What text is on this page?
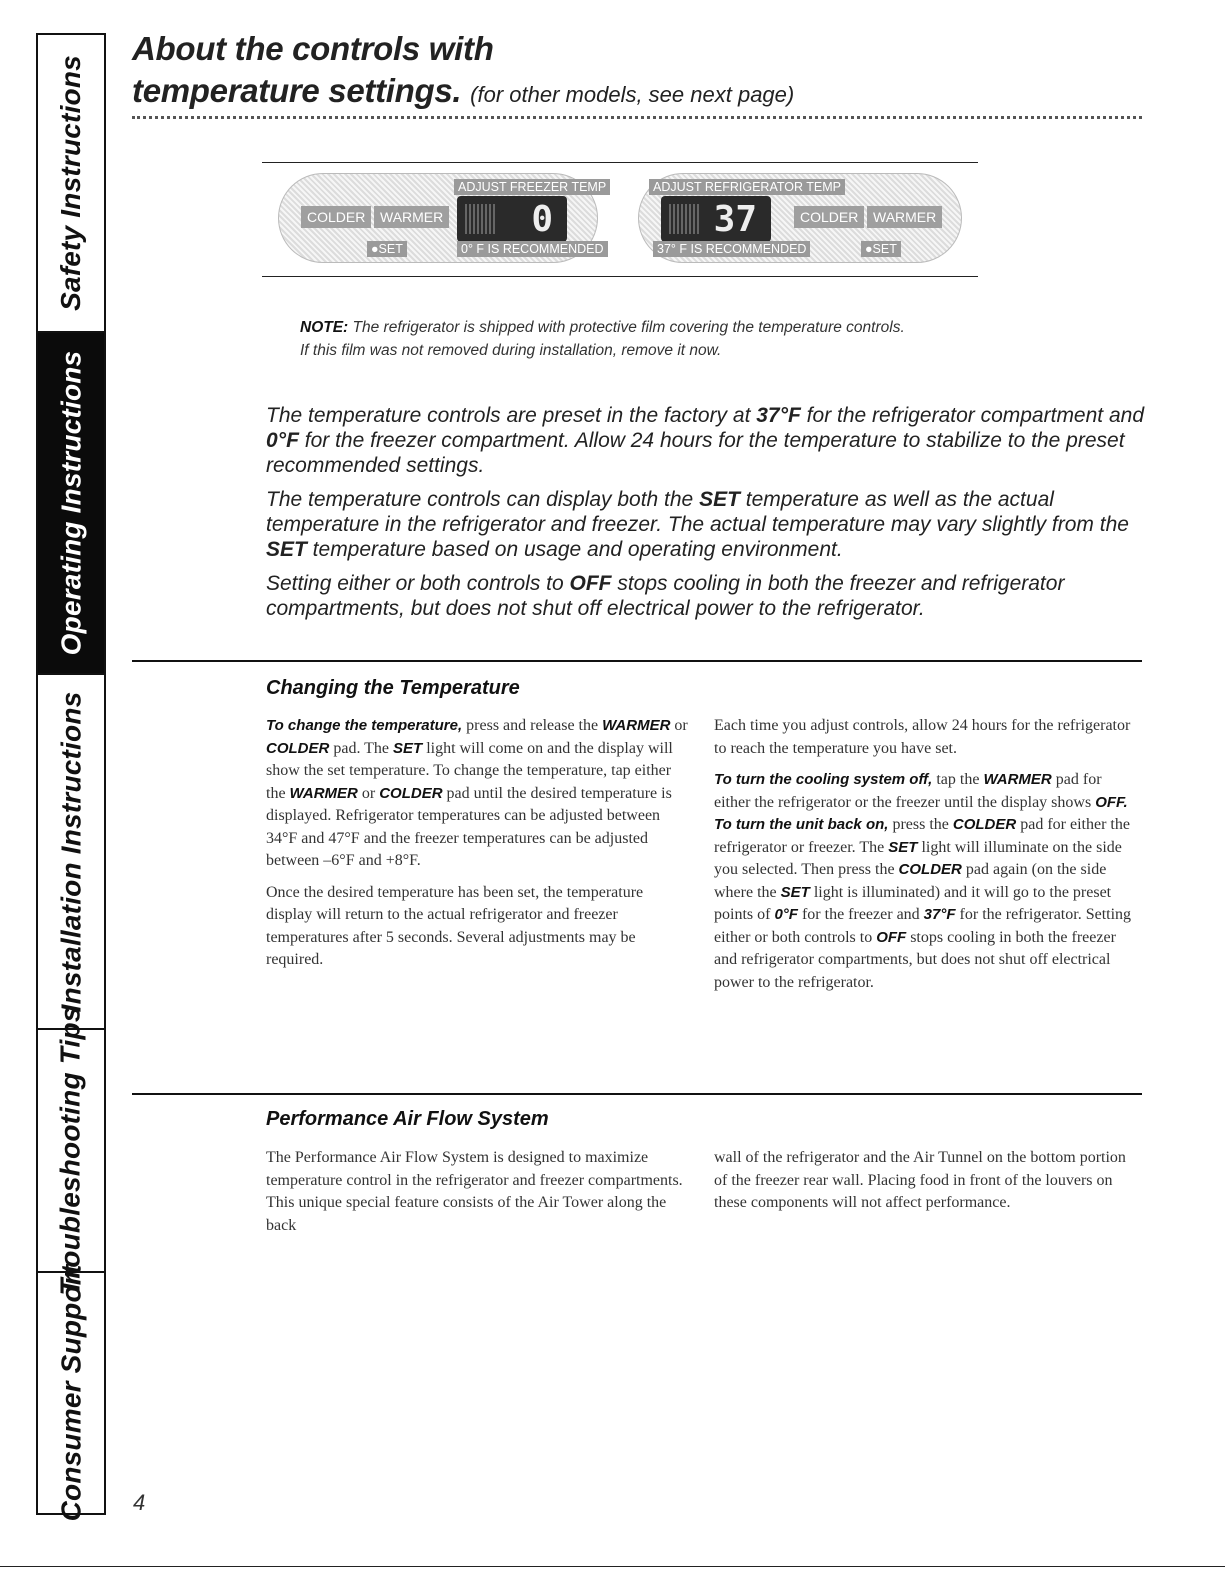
Safety Instructions
Operating Instructions
Installation Instructions
Troubleshooting Tips
Consumer Support
About the controls with
temperature settings. (for other models, see next page)
ADJUST FREEZER TEMP
COLDER	WARMER 0
●SET	0° F IS RECOMMENDED
ADJUST REFRIGERATOR TEMP
37	COLDER	WARMER
37° F IS RECOMMENDED	●SET
NOTE: The refrigerator is shipped with protective film covering the temperature controls.
If this film was not removed during installation, remove it now.

The temperature controls are preset in the factory at 37°F for the refrigerator compartment and 0°F for the freezer compartment. Allow 24 hours for the temperature to stabilize to the preset recommended settings.

The temperature controls can display both the SET temperature as well as the actual temperature in the refrigerator and freezer. The actual temperature may vary slightly from the SET temperature based on usage and operating environment.

Setting either or both controls to OFF stops cooling in both the freezer and refrigerator compartments, but does not shut off electrical power to the refrigerator.

Changing the Temperature

To change the temperature, press and release the WARMER or COLDER pad. The SET light will come on and the display will show the set temperature. To change the temperature, tap either the WARMER or COLDER pad until the desired temperature is displayed. Refrigerator temperatures can be adjusted between 34°F and 47°F and the freezer temperatures can be adjusted between –6°F and +8°F.

Once the desired temperature has been set, the temperature display will return to the actual refrigerator and freezer temperatures after 5 seconds. Several adjustments may be required.

Each time you adjust controls, allow 24 hours for the refrigerator to reach the temperature you have set.

To turn the cooling system off, tap the WARMER pad for either the refrigerator or the freezer until the display shows OFF. To turn the unit back on, press the COLDER pad for either the refrigerator or freezer. The SET light will illuminate on the side you selected. Then press the COLDER pad again (on the side where the SET light is illuminated) and it will go to the preset points of 0°F for the freezer and 37°F for the refrigerator. Setting either or both controls to OFF stops cooling in both the freezer and refrigerator compartments, but does not shut off electrical power to the refrigerator.

Performance Air Flow System

The Performance Air Flow System is designed to maximize temperature control in the refrigerator and freezer compartments. This unique special feature consists of the Air Tower along the back

wall of the refrigerator and the Air Tunnel on the bottom portion of the freezer rear wall. Placing food in front of the louvers on these components will not affect performance.

4
